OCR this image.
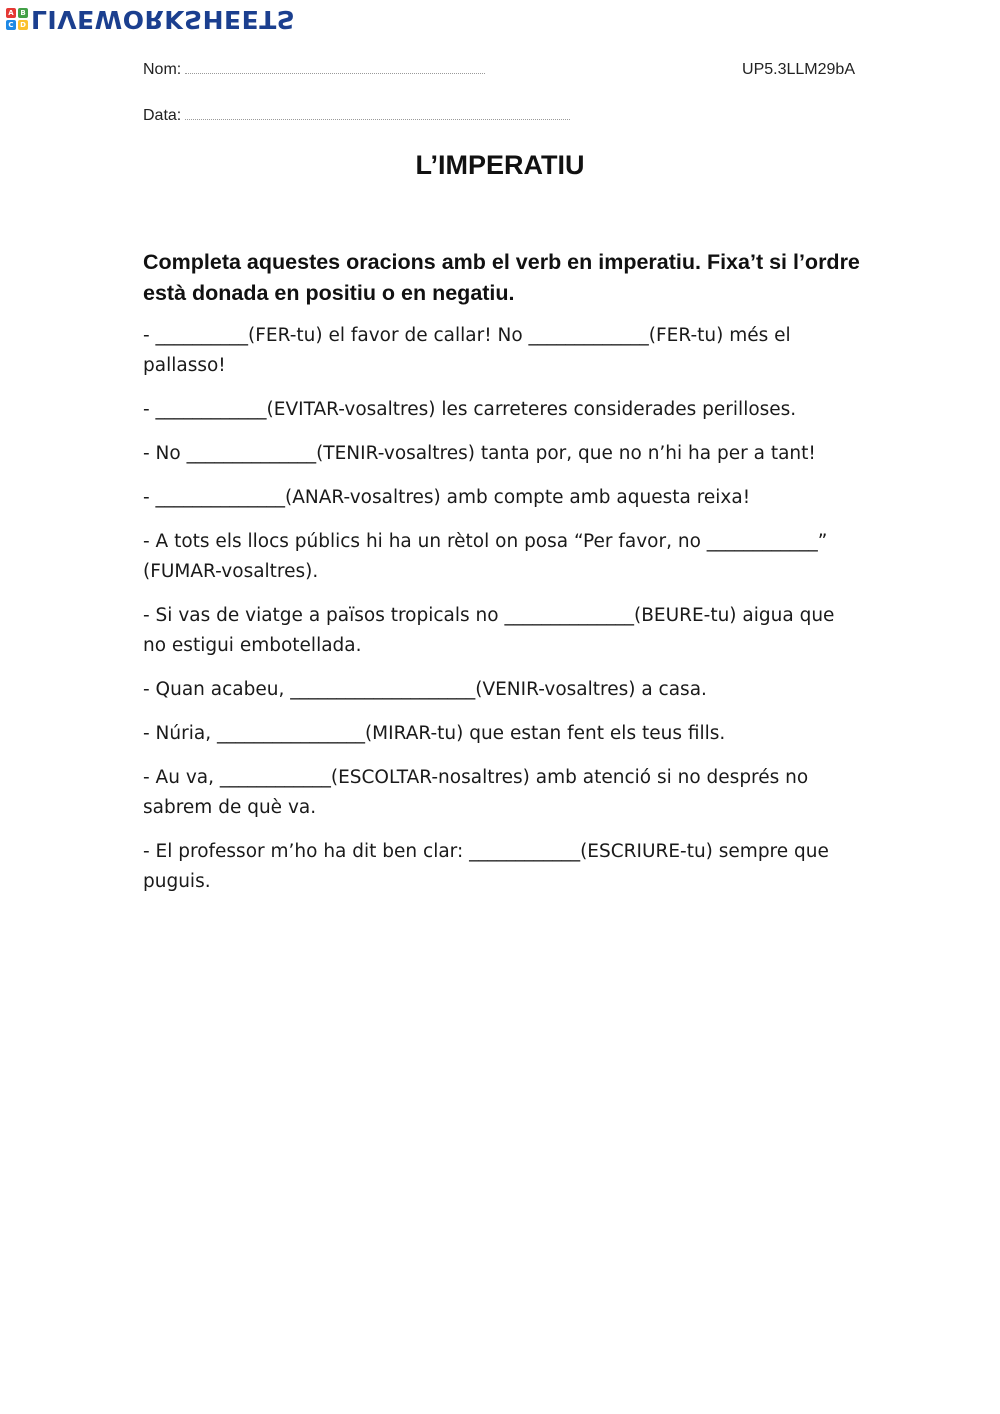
A B
C D LIVEWORKSHEETS
Nom:	UP5.3LLM29bA
Data:
L’IMPERATIU
Completa aquestes oracions amb el verb en imperatiu. Fixa’t si l’ordre està donada en positiu o en negatiu.

- __________(FER-tu) el favor de callar! No _____________(FER-tu) més el pallasso!

- ____________(EVITAR-vosaltres) les carreteres considerades perilloses.

- No ______________(TENIR-vosaltres) tanta por, que no n’hi ha per a tant!

- ______________(ANAR-vosaltres) amb compte amb aquesta reixa!

- A tots els llocs públics hi ha un rètol on posa “Per favor, no ____________” (FUMAR-vosaltres).

- Si vas de viatge a països tropicals no ______________(BEURE-tu) aigua que no estigui embotellada.

- Quan acabeu, ____________________(VENIR-vosaltres) a casa.

- Núria, ________________(MIRAR-tu) que estan fent els teus fills.

- Au va, ____________(ESCOLTAR-nosaltres) amb atenció si no després no sabrem de què va.

- El professor m’ho ha dit ben clar: ____________(ESCRIURE-tu) sempre que puguis.
